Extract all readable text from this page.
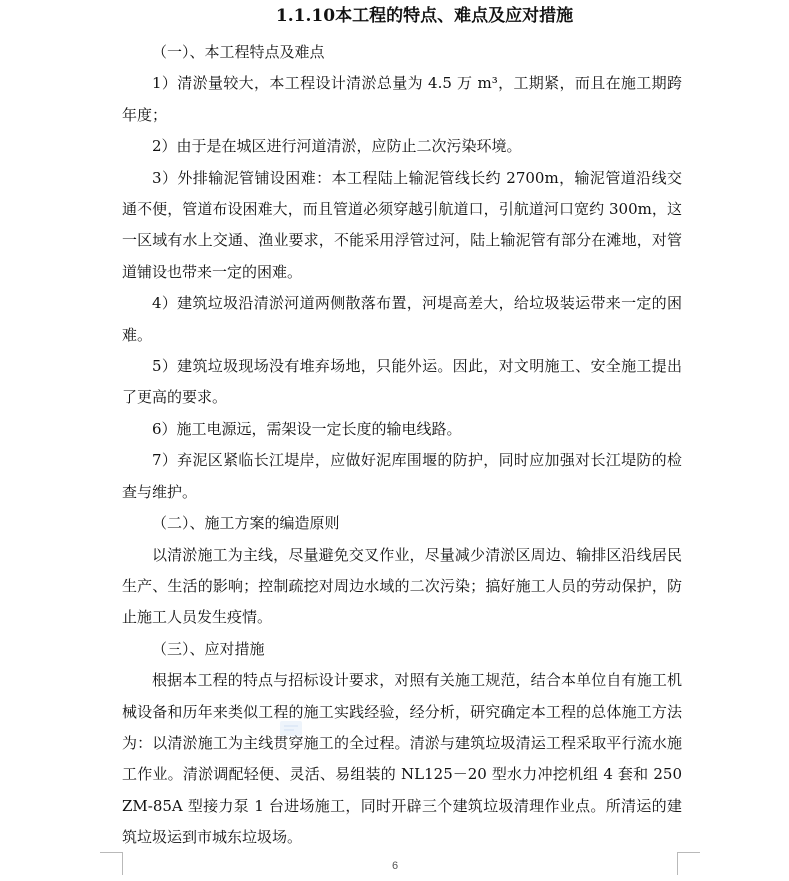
1.1.10本工程的特点、难点及应对措施

（一）、本工程特点及难点

1）清淤量较大，本工程设计清淤总量为 4.5 万 m³，工期紧，而且在施工期跨年度；

2）由于是在城区进行河道清淤，应防止二次污染环境。

3）外排输泥管铺设困难：本工程陆上输泥管线长约 2700m，输泥管道沿线交通不便，管道布设困难大，而且管道必须穿越引航道口，引航道河口宽约 300m，这一区域有水上交通、渔业要求，不能采用浮管过河，陆上输泥管有部分在滩地，对管道铺设也带来一定的困难。

4）建筑垃圾沿清淤河道两侧散落布置，河堤高差大，给垃圾装运带来一定的困难。

5）建筑垃圾现场没有堆弃场地，只能外运。因此，对文明施工、安全施工提出了更高的要求。

6）施工电源远，需架设一定长度的输电线路。

7）弃泥区紧临长江堤岸，应做好泥库围堰的防护，同时应加强对长江堤防的检查与维护。

（二）、施工方案的编造原则

以清淤施工为主线，尽量避免交叉作业，尽量减少清淤区周边、输排区沿线居民生产、生活的影响；控制疏挖对周边水域的二次污染；搞好施工人员的劳动保护，防止施工人员发生疫情。

（三）、应对措施

根据本工程的特点与招标设计要求，对照有关施工规范，结合本单位自有施工机械设备和历年来类似工程的施工实践经验，经分析，研究确定本工程的总体施工方法为：以清淤施工为主线贯穿施工的全过程。清淤与建筑垃圾清运工程采取平行流水施工作业。清淤调配轻便、灵活、易组装的 NL125－20 型水力冲挖机组 4 套和 250ZM-85A 型接力泵 1 台进场施工，同时开辟三个建筑垃圾清理作业点。所清运的建筑垃圾运到市城东垃圾场。

6
